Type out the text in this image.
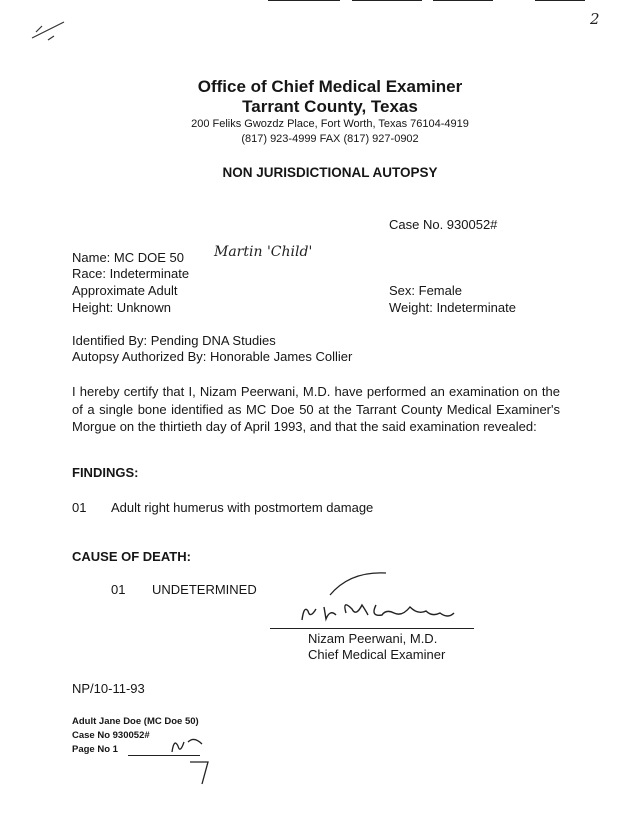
2
Office of Chief Medical Examiner
Tarrant County, Texas
200 Feliks Gwozdz Place, Fort Worth, Texas 76104-4919
(817) 923-4999 FAX (817) 927-0902
NON JURISDICTIONAL AUTOPSY
Case No. 930052#
Name: MC DOE 50 Martin 'Child'
Race: Indeterminate
Approximate Adult
Height: Unknown
Sex: Female
Weight: Indeterminate
Identified By: Pending DNA Studies
Autopsy Authorized By: Honorable James Collier
I hereby certify that I, Nizam Peerwani, M.D. have performed an examination on the of a single bone identified as MC Doe 50 at the Tarrant County Medical Examiner's Morgue on the thirtieth day of April 1993, and that the said examination revealed:
FINDINGS:
01 Adult right humerus with postmortem damage
CAUSE OF DEATH:
01 UNDETERMINED
Nizam Peerwani, M.D.
Chief Medical Examiner
NP/10-11-93
Adult Jane Doe (MC Doe 50)
Case No 930052#
Page No 1
